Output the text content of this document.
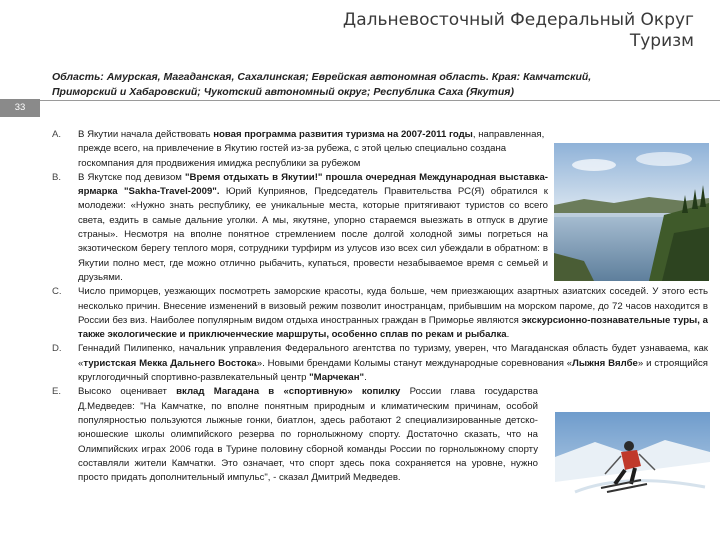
Дальневосточный Федеральный Округ
Туризм
Область: Амурская, Магаданская, Сахалинская; Еврейская автономная область. Края: Камчатский,
Приморский и Хабаровский; Чукотский автономный округ; Республика Саха (Якутия)
33
A. В Якутии начала действовать новая программа развития туризма на 2007-2011 годы, направленная, прежде всего, на привлечение в Якутию гостей из-за рубежа, с этой целью специально создана госкомпания для продвижения имиджа республики за рубежом
B. В Якутске под девизом "Время отдыхать в Якутии!" прошла очередная Международная выставка-ярмарка "Sakha-Travel-2009". Юрий Куприянов, Председатель Правительства РС(Я) обратился к молодежи: «Нужно знать республику, ее уникальные места, которые притягивают туристов со всего света, ездить в самые дальние уголки. А мы, якутяне, упорно стараемся выезжать в отпуск в другие страны». Несмотря на вполне понятное стремлением после долгой холодной зимы погреться на экзотическом берегу теплого моря, сотрудники турфирм из улусов изо всех сил убеждали в обратном: в Якутии полно мест, где можно отлично рыбачить, купаться, провести незабываемое время с семьей и друзьями.
C. Число приморцев, уезжающих посмотреть заморские красоты, куда больше, чем приезжающих азартных азиатских соседей. У этого есть несколько причин. Внесение изменений в визовый режим позволит иностранцам, прибывшим на морском пароме, до 72 часов находится в России без виз. Наиболее популярным видом отдыха иностранных граждан в Приморье являются экскурсионно-познавательные туры, а также экологические и приключенческие маршруты, особенно сплав по рекам и рыбалка.
D. Геннадий Пилипенко, начальник управления Федерального агентства по туризму, уверен, что Магаданская область будет узнаваема, как «туристская Мекка Дальнего Востока». Новыми брендами Колымы станут международные соревнования «Лыжня Вялбе» и строящийся круглогодичный спортивно-развлекательный центр "Марчекан".
E. Высоко оценивает вклад Магадана в «спортивную» копилку России глава государства Д.Медведев: "На Камчатке, по вполне понятным природным и климатическим причинам, особой популярностью пользуются лыжные гонки, биатлон, здесь работают 2 специализированные детско-юношеские школы олимпийского резерва по горнолыжному спорту. Достаточно сказать, что на Олимпийских играх 2006 года в Турине половину сборной команды России по горнолыжному спорту составляли жители Камчатки. Это означает, что спорт здесь пока сохраняется на уровне, нужно просто придать дополнительный импульс", - сказал Дмитрий Медведев.
